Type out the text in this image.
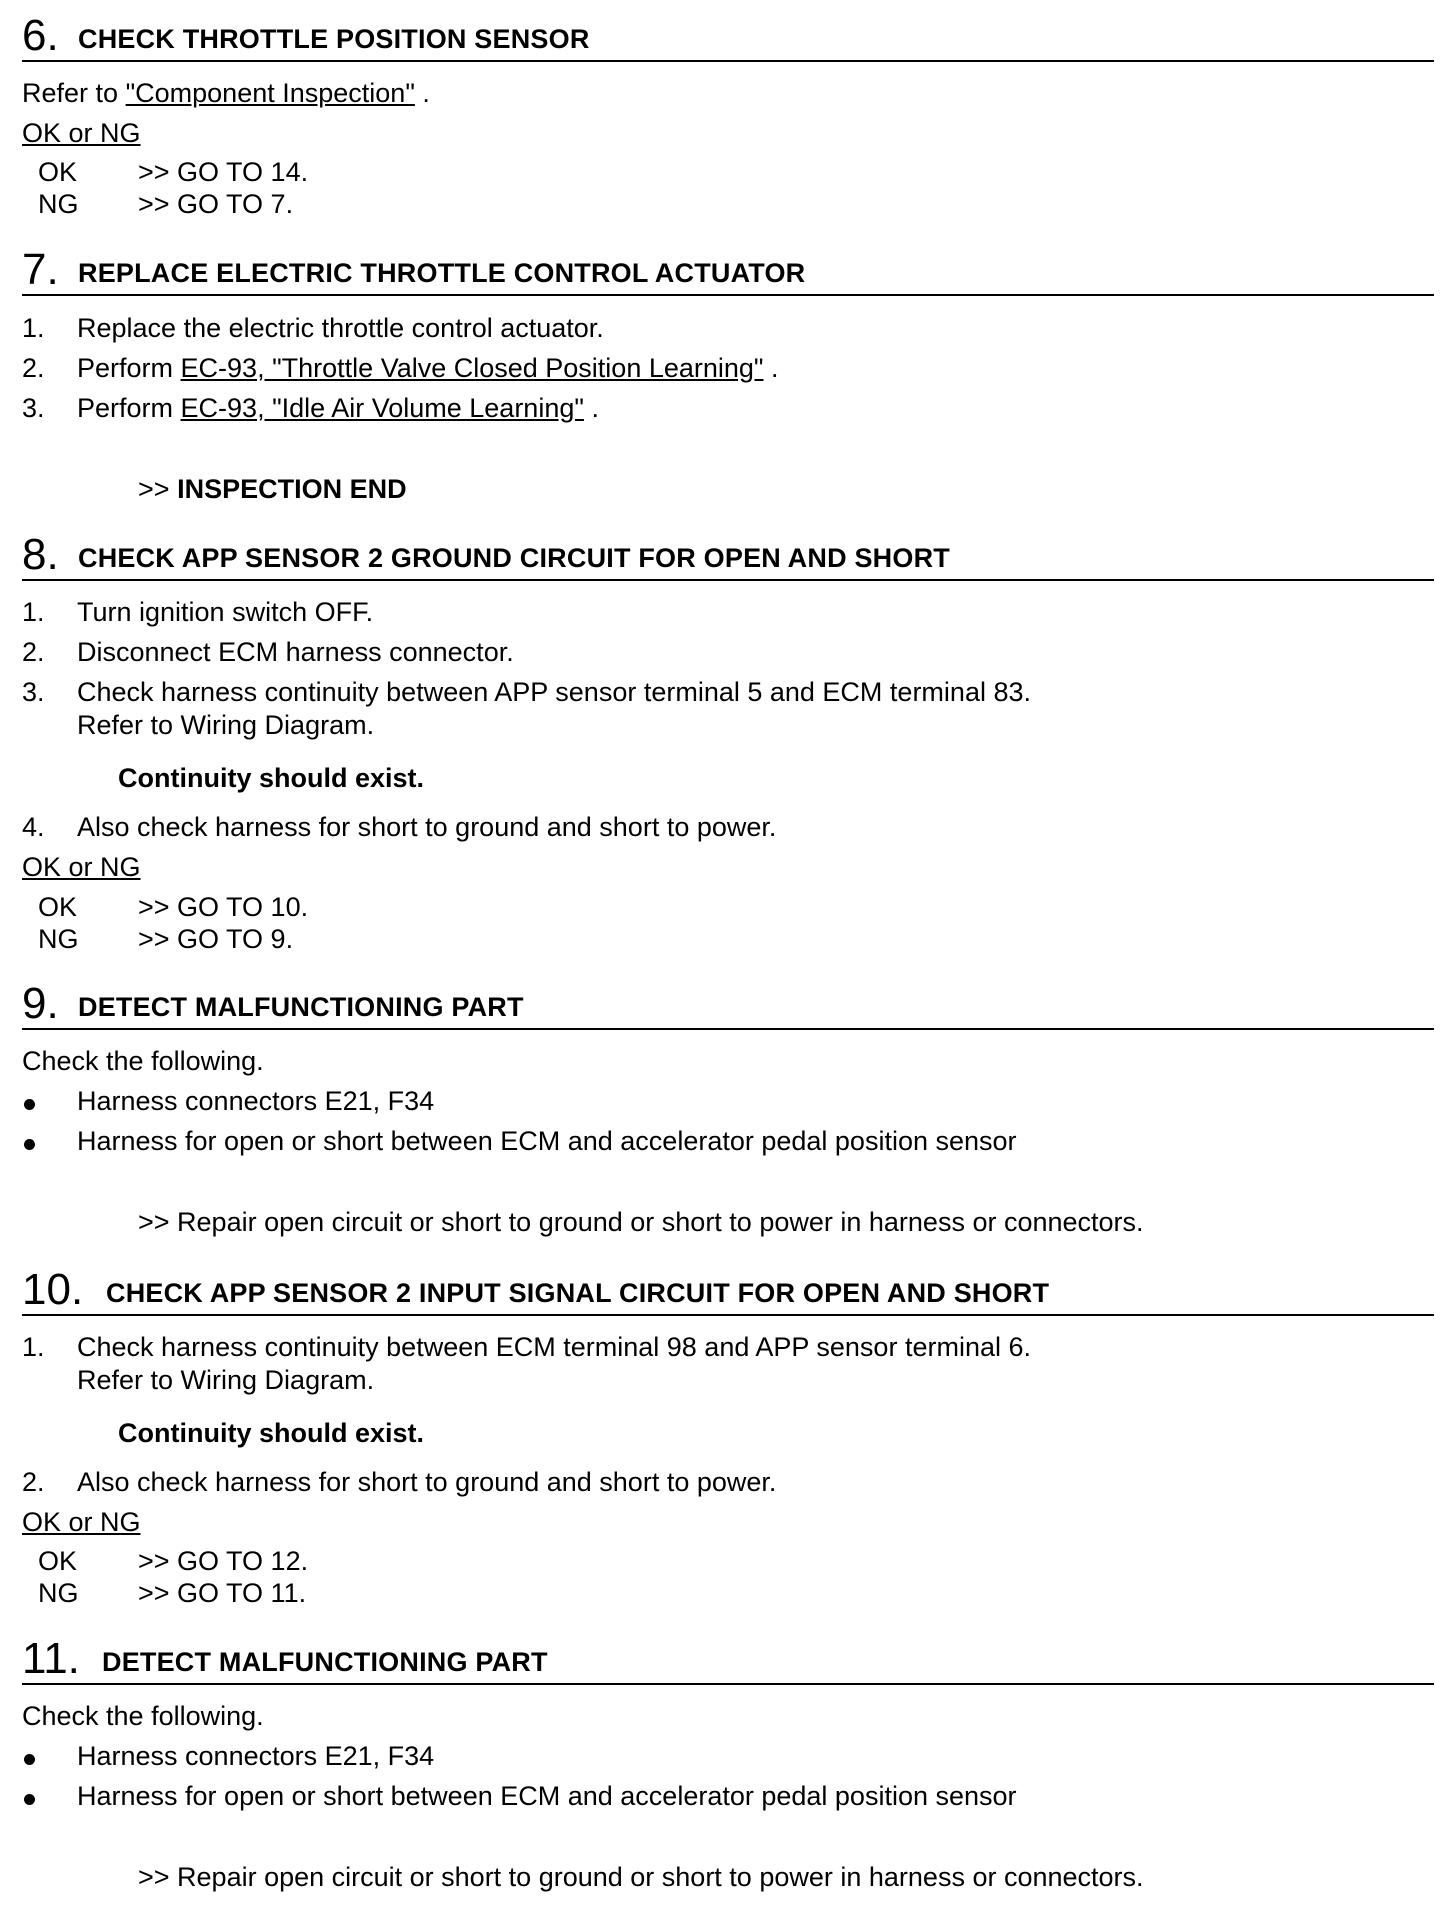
6. CHECK THROTTLE POSITION SENSOR
Refer to "Component Inspection" .
OK or NG
OK >> GO TO 14.
NG >> GO TO 7.
7. REPLACE ELECTRIC THROTTLE CONTROL ACTUATOR
1. Replace the electric throttle control actuator.
2. Perform EC-93, "Throttle Valve Closed Position Learning" .
3. Perform EC-93, "Idle Air Volume Learning" .
>> INSPECTION END
8. CHECK APP SENSOR 2 GROUND CIRCUIT FOR OPEN AND SHORT
1. Turn ignition switch OFF.
2. Disconnect ECM harness connector.
3. Check harness continuity between APP sensor terminal 5 and ECM terminal 83.
Refer to Wiring Diagram.
Continuity should exist.
4. Also check harness for short to ground and short to power.
OK or NG
OK >> GO TO 10.
NG >> GO TO 9.
9. DETECT MALFUNCTIONING PART
Check the following.
Harness connectors E21, F34
Harness for open or short between ECM and accelerator pedal position sensor
>> Repair open circuit or short to ground or short to power in harness or connectors.
10. CHECK APP SENSOR 2 INPUT SIGNAL CIRCUIT FOR OPEN AND SHORT
1. Check harness continuity between ECM terminal 98 and APP sensor terminal 6.
Refer to Wiring Diagram.
Continuity should exist.
2. Also check harness for short to ground and short to power.
OK or NG
OK >> GO TO 12.
NG >> GO TO 11.
11. DETECT MALFUNCTIONING PART
Check the following.
Harness connectors E21, F34
Harness for open or short between ECM and accelerator pedal position sensor
>> Repair open circuit or short to ground or short to power in harness or connectors.
